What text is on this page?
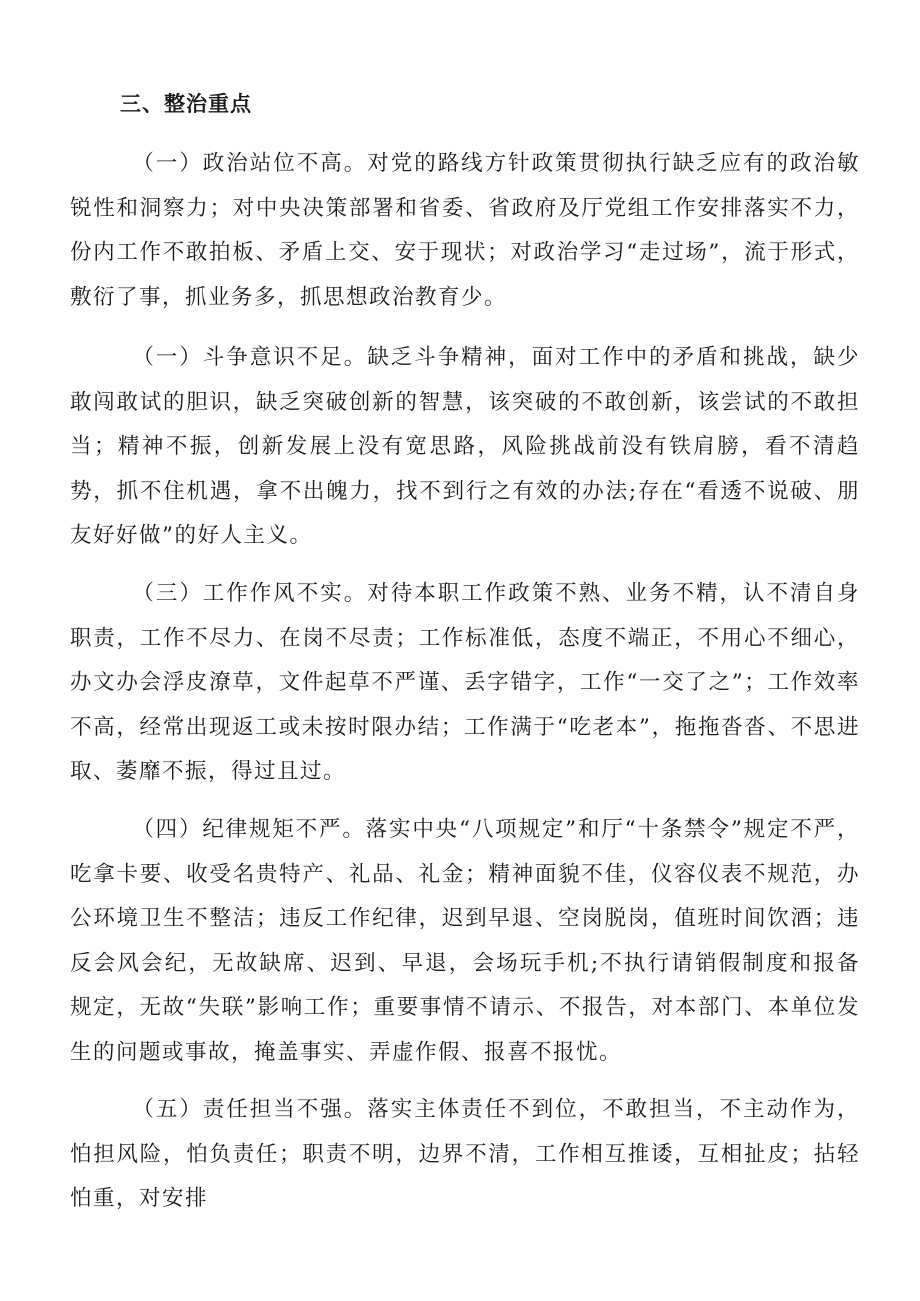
三、整治重点

（一）政治站位不高。对党的路线方针政策贯彻执行缺乏应有的政治敏锐性和洞察力；对中央决策部署和省委、省政府及厅党组工作安排落实不力，份内工作不敢拍板、矛盾上交、安于现状；对政治学习“走过场”，流于形式，敷衍了事，抓业务多，抓思想政治教育少。

（一）斗争意识不足。缺乏斗争精神，面对工作中的矛盾和挑战，缺少敢闯敢试的胆识，缺乏突破创新的智慧，该突破的不敢创新，该尝试的不敢担当；精神不振，创新发展上没有宽思路，风险挑战前没有铁肩膀，看不清趋势，抓不住机遇，拿不出魄力，找不到行之有效的办法;存在“看透不说破、朋友好好做”的好人主义。

（三）工作作风不实。对待本职工作政策不熟、业务不精，认不清自身职责，工作不尽力、在岗不尽责；工作标准低，态度不端正，不用心不细心，办文办会浮皮潦草，文件起草不严谨、丢字错字，工作“一交了之”；工作效率不高，经常出现返工或未按时限办结；工作满于“吃老本”，拖拖沓沓、不思进取、萎靡不振，得过且过。

（四）纪律规矩不严。落实中央“八项规定”和厅“十条禁令”规定不严，吃拿卡要、收受名贵特产、礼品、礼金；精神面貌不佳，仪容仪表不规范，办公环境卫生不整洁；违反工作纪律，迟到早退、空岗脱岗，值班时间饮酒；违反会风会纪，无故缺席、迟到、早退，会场玩手机;不执行请销假制度和报备规定，无故“失联”影响工作；重要事情不请示、不报告，对本部门、本单位发生的问题或事故，掩盖事实、弄虚作假、报喜不报忧。

（五）责任担当不强。落实主体责任不到位，不敢担当，不主动作为，怕担风险，怕负责任；职责不明，边界不清，工作相互推诿，互相扯皮；拈轻怕重，对安排
